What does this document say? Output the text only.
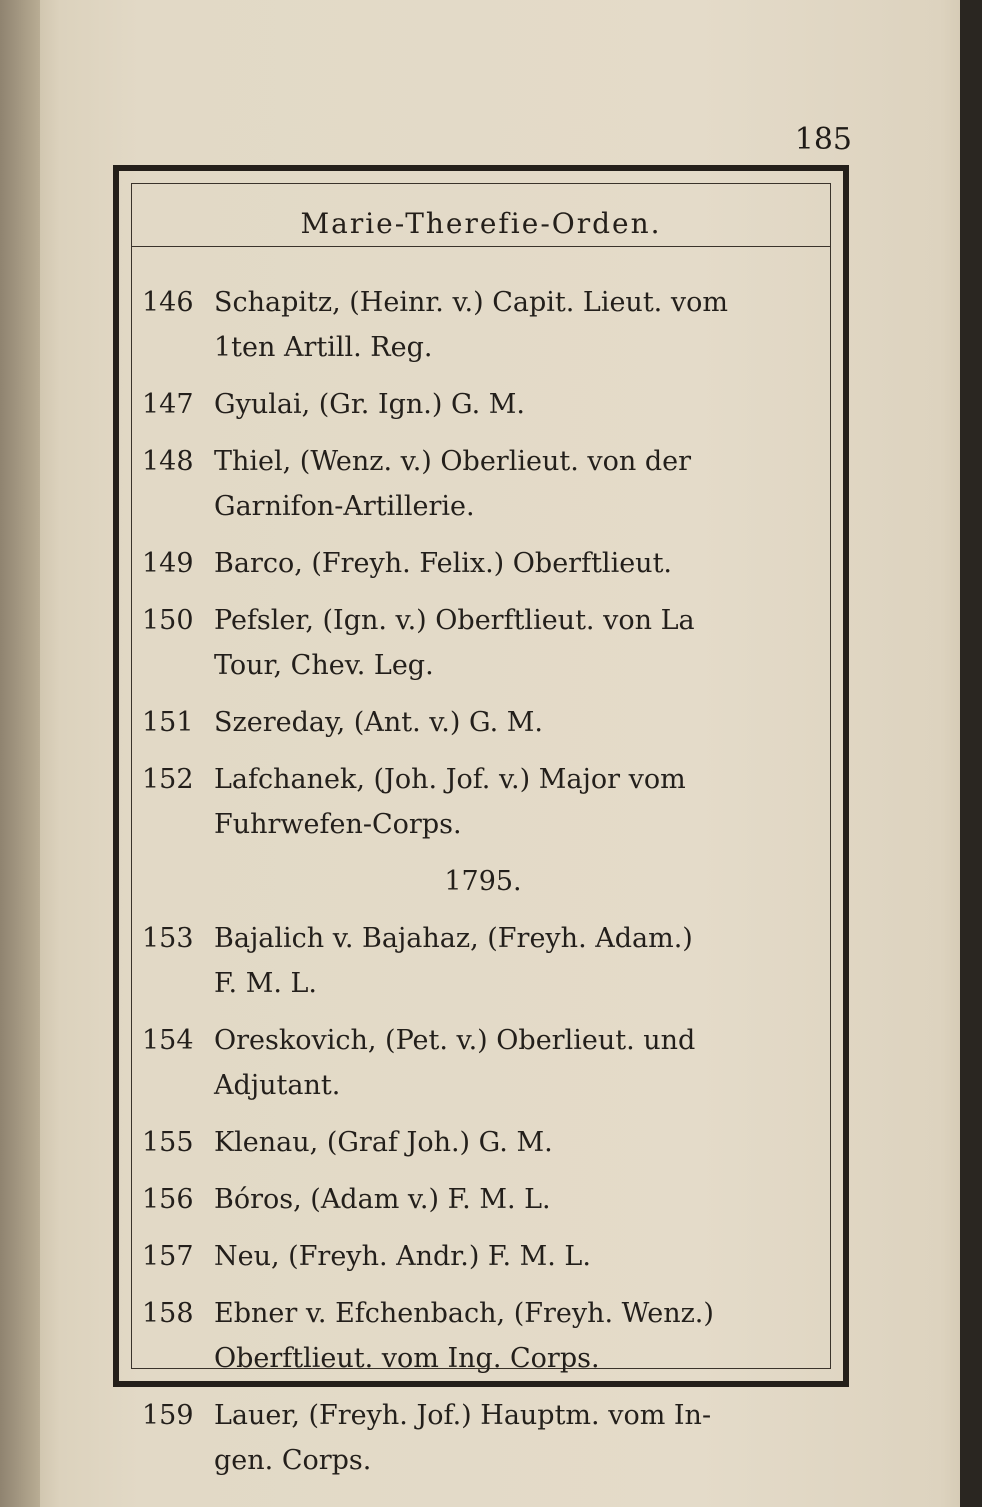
185
Marie-Therefie-Orden.
146 Schapitz, (Heinr. v.) Capit. Lieut. vom
1ten Artill. Reg.
147 Gyulai, (Gr. Ign.) G. M.
148 Thiel, (Wenz. v.) Oberlieut. von der
Garnifon-Artillerie.
149 Barco, (Freyh. Felix.) Oberftlieut.
150 Pefsler, (Ign. v.) Oberftlieut. von La
Tour, Chev. Leg.
151 Szereday, (Ant. v.) G. M.
152 Lafchanek, (Joh. Jof. v.) Major vom
Fuhrwefen-Corps.
1795.
153 Bajalich v. Bajahaz, (Freyh. Adam.)
F. M. L.
154 Oreskovich, (Pet. v.) Oberlieut. und
Adjutant.
155 Klenau, (Graf Joh.) G. M.
156 Bóros, (Adam v.) F. M. L.
157 Neu, (Freyh. Andr.) F. M. L.
158 Ebner v. Efchenbach, (Freyh. Wenz.)
Oberftlieut. vom Ing. Corps.
159 Lauer, (Freyh. Jof.) Hauptm. vom In-
gen. Corps.
